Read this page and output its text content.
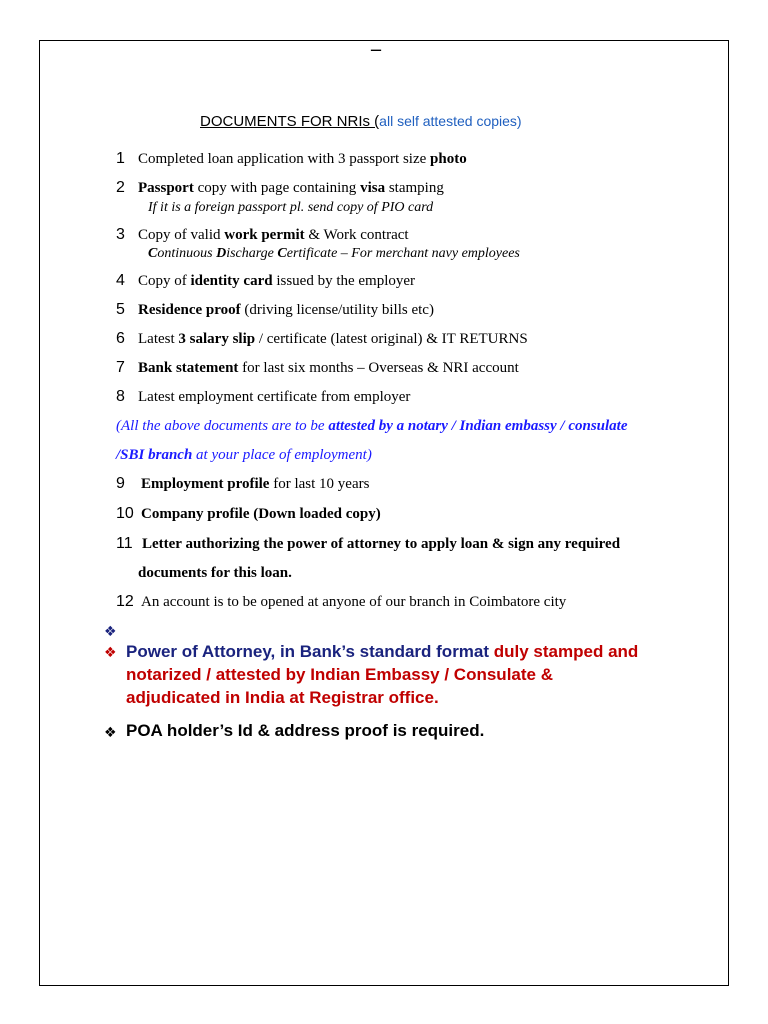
–
DOCUMENTS FOR NRIs (all self attested copies)
1 Completed loan application with 3 passport size photo
2 Passport copy with page containing visa stamping
If it is a foreign passport pl. send copy of PIO card
3 Copy of valid work permit & Work contract
Continuous Discharge Certificate – For merchant navy employees
4 Copy of identity card issued by the employer
5 Residence proof (driving license/utility bills etc)
6 Latest 3 salary slip / certificate (latest original) & IT RETURNS
7 Bank statement for last six months – Overseas & NRI account
8 Latest employment certificate from employer
(All the above documents are to be attested by a notary / Indian embassy / consulate
/SBI branch at your place of employment)
9 Employment profile for last 10 years
10 Company profile (Down loaded copy)
11 Letter authorizing the power of attorney to apply loan & sign any required
documents for this loan.
12 An account is to be opened at anyone of our branch in Coimbatore city
❖
❖ Power of Attorney, in Bank’s standard format duly stamped and
notarized / attested by Indian Embassy / Consulate &
adjudicated in India at Registrar office.
❖ POA holder’s Id & address proof is required.
